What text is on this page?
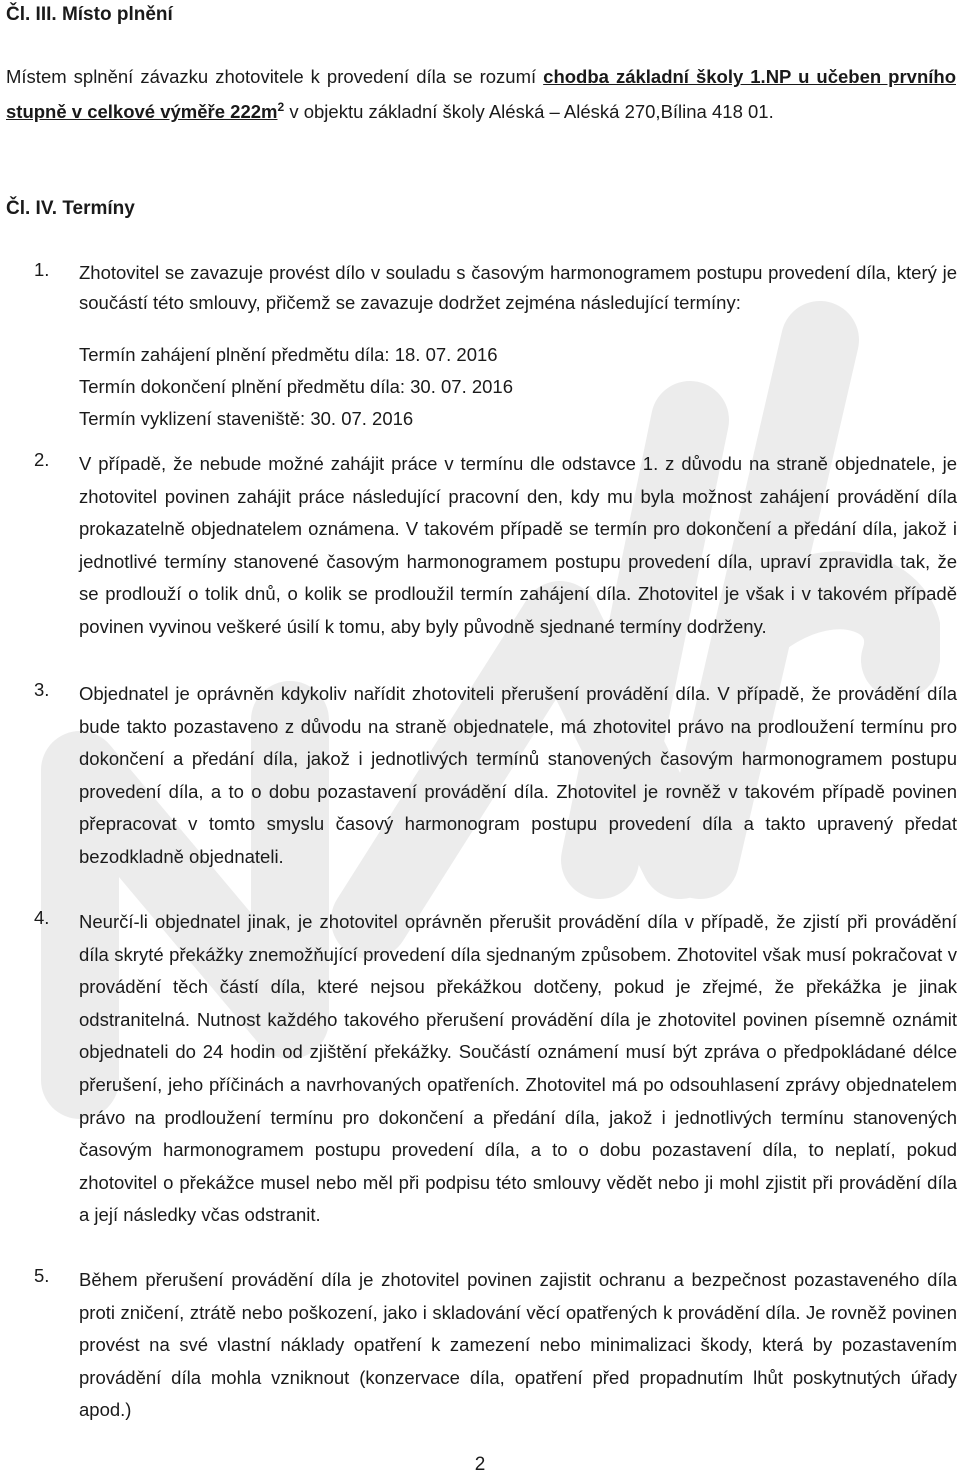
Čl. III. Místo plnění
Místem splnění závazku zhotovitele k provedení díla se rozumí chodba základní školy 1.NP u učeben prvního stupně v celkové výměře $222m^2$ v objektu základní školy Aléská – Aléská 270,Bílina 418 01.
Čl. IV. Termíny
1. Zhotovitel se zavazuje provést dílo v souladu s časovým harmonogramem postupu provedení díla, který je součástí této smlouvy, přičemž se zavazuje dodržet zejména následující termíny:
Termín zahájení plnění předmětu díla: 18. 07. 2016
Termín dokončení plnění předmětu díla: 30. 07. 2016
Termín vyklizení staveniště: 30. 07. 2016
2. V případě, že nebude možné zahájit práce v termínu dle odstavce 1. z důvodu na straně objednatele, je zhotovitel povinen zahájit práce následující pracovní den, kdy mu byla možnost zahájení provádění díla prokazatelně objednatelem oznámena. V takovém případě se termín pro dokončení a předání díla, jakož i jednotlivé termíny stanovené časovým harmonogramem postupu provedení díla, upraví zpravidla tak, že se prodlouží o tolik dnů, o kolik se prodloužil termín zahájení díla. Zhotovitel je však i v takovém případě povinen vyvinou veškeré úsilí k tomu, aby byly původně sjednané termíny dodrženy.
3. Objednatel je oprávněn kdykoliv nařídit zhotoviteli přerušení provádění díla. V případě, že provádění díla bude takto pozastaveno z důvodu na straně objednatele, má zhotovitel právo na prodloužení termínu pro dokončení a předání díla, jakož i jednotlivých termínů stanovených časovým harmonogramem postupu provedení díla, a to o dobu pozastavení provádění díla. Zhotovitel je rovněž v takovém případě povinen přepracovat v tomto smyslu časový harmonogram postupu provedení díla a takto upravený předat bezodkladně objednateli.
4. Neurčí-li objednatel jinak, je zhotovitel oprávněn přerušit provádění díla v případě, že zjistí při provádění díla skryté překážky znemožňující provedení díla sjednaným způsobem. Zhotovitel však musí pokračovat v provádění těch částí díla, které nejsou překážkou dotčeny, pokud je zřejmé, že překážka je jinak odstranitelná. Nutnost každého takového přerušení provádění díla je zhotovitel povinen písemně oznámit objednateli do 24 hodin od zjištění překážky. Součástí oznámení musí být zpráva o předpokládané délce přerušení, jeho příčinách a navrhovaných opatřeních. Zhotovitel má po odsouhlasení zprávy objednatelem právo na prodloužení termínu pro dokončení a předání díla, jakož i jednotlivých termínu stanovených časovým harmonogramem postupu provedení díla, a to o dobu pozastavení díla, to neplatí, pokud zhotovitel o překážce musel nebo měl při podpisu této smlouvy vědět nebo ji mohl zjistit při provádění díla a její následky včas odstranit.
5. Během přerušení provádění díla je zhotovitel povinen zajistit ochranu a bezpečnost pozastaveného díla proti zničení, ztrátě nebo poškození, jako i skladování věcí opatřených k provádění díla. Je rovněž povinen provést na své vlastní náklady opatření k zamezení nebo minimalizaci škody, která by pozastavením provádění díla mohla vzniknout (konzervace díla, opatření před propadnutím lhůt poskytnutých úřady apod.)
2
